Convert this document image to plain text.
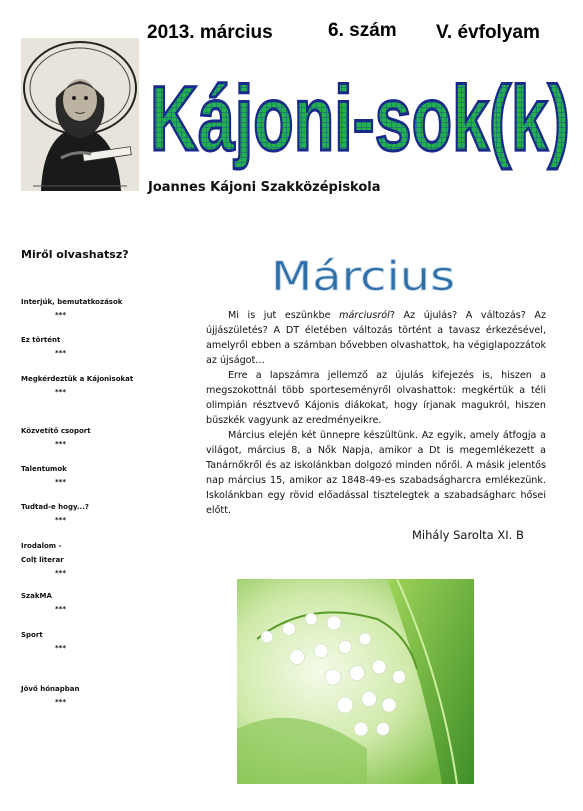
2013. március	6. szám V. évfolyam
Kájoni-sok(k)
Joannes Kájoni Szakközépiskola
Miről olvashatsz?
Interjúk, bemutatkozások
***
Ez történt
***
Megkérdeztük a Kájonisokat
***
Közvetítő csoport
***
Talentumok
***
Tudtad-e hogy...?
***
Irodalom -
Colț literar
***
SzakMA
***
Sport
***
Jövő hónapban
***
Március

Mi is jut eszünkbe márciusról? Az újulás? A változás? Az újjászületés? A DT életében változás történt a tavasz érkezésével, amelyről ebben a számban bővebben olvashattok, ha végiglapozzátok az újságot…

Erre a lapszámra jellemző az újulás kifejezés is, hiszen a megszokottnál több sporteseményről olvashattok: megkértük a téli olimpián résztvevő Kájonis diákokat, hogy írjanak magukról, hiszen büszkék vagyunk az eredményeikre.

Március elején két ünnepre készültünk. Az egyik, amely átfogja a világot, március 8, a Nők Napja, amikor a Dt is megemlékezett a Tanárnőkről és az iskolánkban dolgozó minden nőről. A másik jelentős nap március 15, amikor az 1848-49-es szabadságharcra emlékezünk. Iskolánkban egy rövid előadással tisztelegtek a szabadságharc hősei előtt.

Mihály Sarolta XI. B
